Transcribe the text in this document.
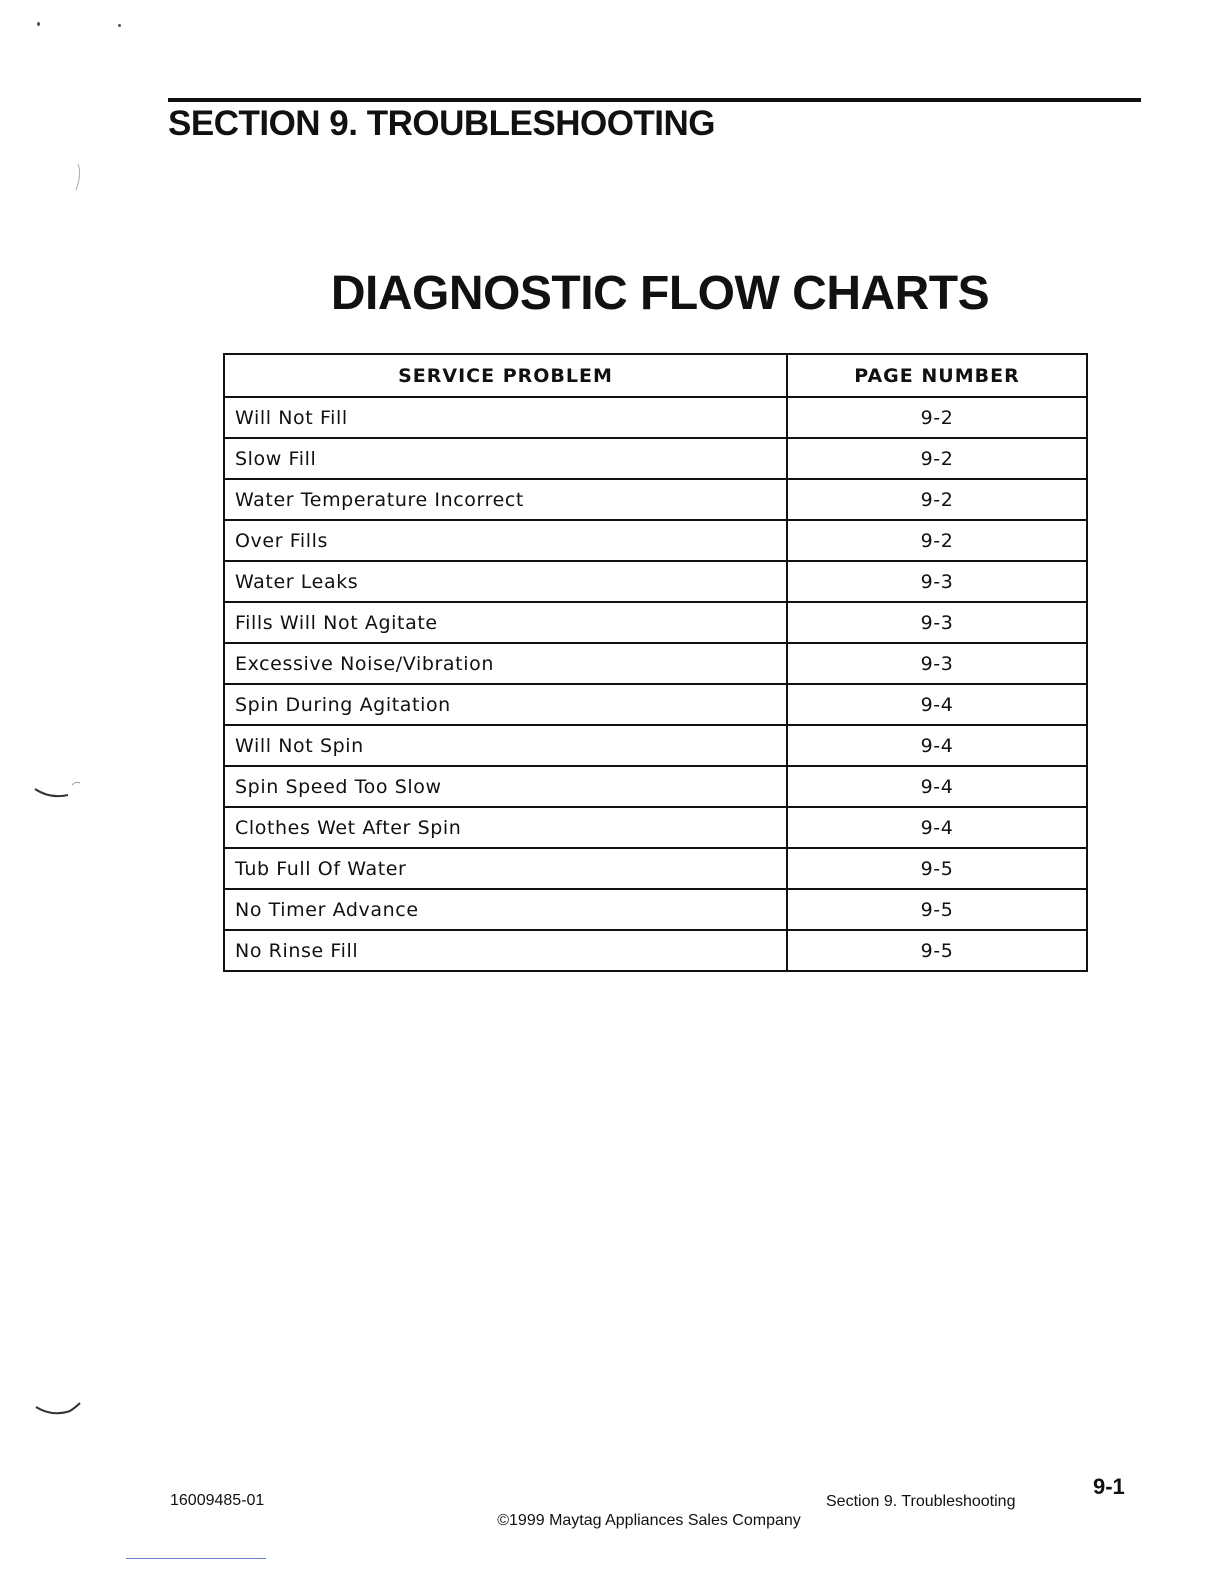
SECTION 9. TROUBLESHOOTING
DIAGNOSTIC FLOW CHARTS
SERVICE PROBLEM	PAGE NUMBER
Will Not Fill	9-2
Slow Fill	9-2
Water Temperature Incorrect	9-2
Over Fills	9-2
Water Leaks	9-3
Fills Will Not Agitate	9-3
Excessive Noise/Vibration	9-3
Spin During Agitation	9-4
Will Not Spin	9-4
Spin Speed Too Slow	9-4
Clothes Wet After Spin	9-4
Tub Full Of Water	9-5
No Timer Advance	9-5
No Rinse Fill	9-5
9-1
16009485-01	Section 9. Troubleshooting
©1999 Maytag Appliances Sales Company
